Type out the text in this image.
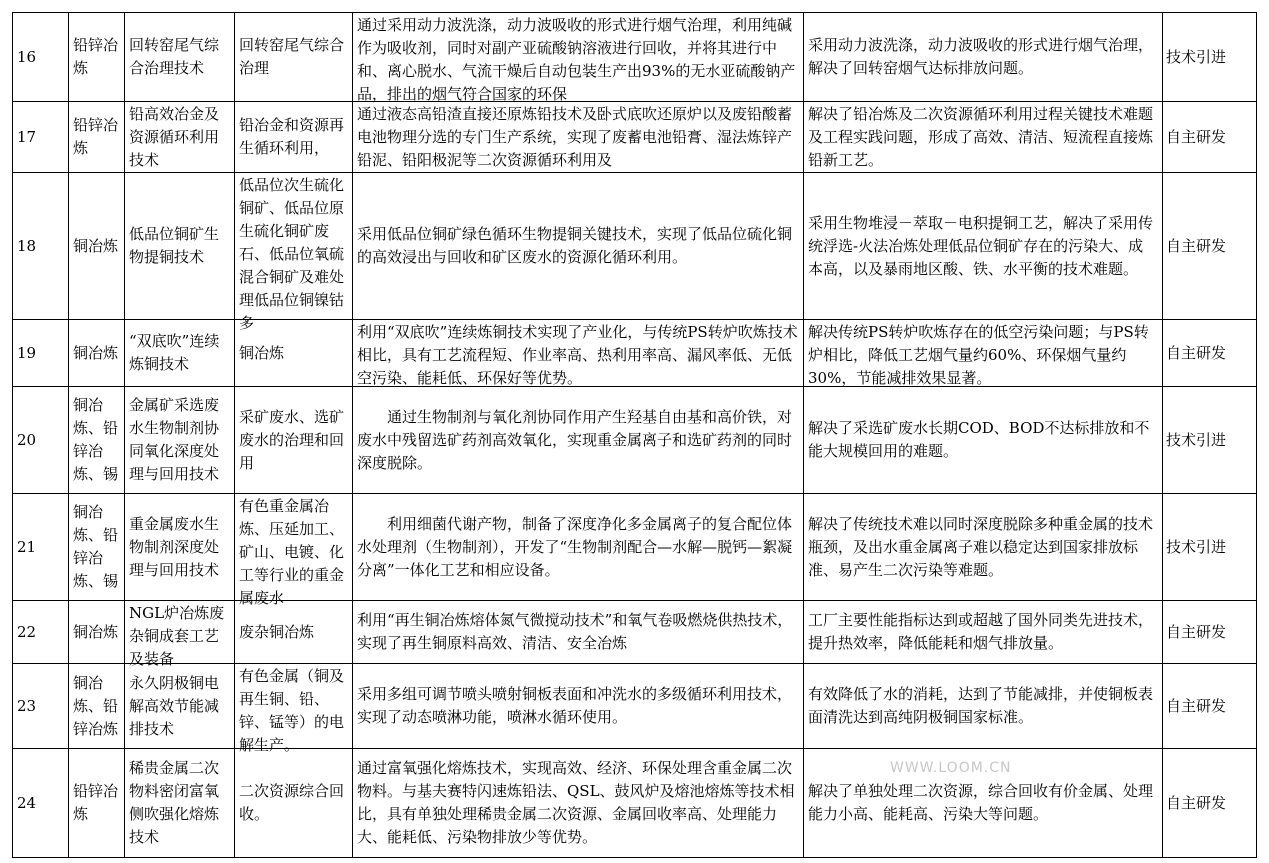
16	铅锌冶炼	回转窑尾气综合治理技术	回转窑尾气综合治理	通过采用动力波洗涤，动力波吸收的形式进行烟气治理，利用纯碱作为吸收剂，同时对副产亚硫酸钠溶液进行回收，并将其进行中和、离心脱水、气流干燥后自动包装生产出93%的无水亚硫酸钠产品，排出的烟气符合国家的环保	采用动力波洗涤，动力波吸收的形式进行烟气治理，解决了回转窑烟气达标排放问题。	技术引进

17	铅锌冶炼	铅高效冶金及资源循环利用技术	铅冶金和资源再生循环利用，	通过液态高铅渣直接还原炼铅技术及卧式底吹还原炉以及废铅酸蓄电池物理分选的专门生产系统，实现了废蓄电池铅膏、湿法炼锌产铅泥、铅阳极泥等二次资源循环利用及	解决了铅冶炼及二次资源循环利用过程关键技术难题及工程实践问题，形成了高效、清洁、短流程直接炼铅新工艺。	自主研发

18	铜冶炼	低品位铜矿生物提铜技术	低品位次生硫化铜矿、低品位原生硫化铜矿废石、低品位氧硫混合铜矿及难处理低品位铜镍钴多	采用低品位铜矿绿色循环生物提铜关键技术，实现了低品位硫化铜的高效浸出与回收和矿区废水的资源化循环利用。	采用生物堆浸－萃取－电积提铜工艺，解决了采用传统浮选-火法冶炼处理低品位铜矿存在的污染大、成本高，以及暴雨地区酸、铁、水平衡的技术难题。	自主研发

19	铜冶炼	“双底吹”连续炼铜技术	铜冶炼	利用“双底吹”连续炼铜技术实现了产业化，与传统PS转炉吹炼技术相比，具有工艺流程短、作业率高、热利用率高、漏风率低、无低空污染、能耗低、环保好等优势。	解决传统PS转炉吹炼存在的低空污染问题；与PS转炉相比，降低工艺烟气量约60%、环保烟气量约30%，节能减排效果显著。	自主研发

20	铜冶炼、铅锌冶炼、锡	金属矿采选废水生物制剂协同氧化深度处理与回用技术	采矿废水、选矿废水的治理和回用	通过生物制剂与氧化剂协同作用产生羟基自由基和高价铁，对废水中残留选矿药剂高效氧化，实现重金属离子和选矿药剂的同时深度脱除。	解决了采选矿废水长期COD、BOD不达标排放和不能大规模回用的难题。	技术引进

21	铜冶炼、铅锌冶炼、锡	重金属废水生物制剂深度处理与回用技术	有色重金属冶炼、压延加工、矿山、电镀、化工等行业的重金属废水	利用细菌代谢产物，制备了深度净化多金属离子的复合配位体水处理剂（生物制剂），开发了“生物制剂配合—水解—脱钙—絮凝分离”一体化工艺和相应设备。	解决了传统技术难以同时深度脱除多种重金属的技术瓶颈，及出水重金属离子难以稳定达到国家排放标准、易产生二次污染等难题。	技术引进

22	铜冶炼	NGL炉冶炼废杂铜成套工艺及装备	废杂铜冶炼	利用“再生铜冶炼熔体氮气微搅动技术”和氧气卷吸燃烧供热技术，实现了再生铜原料高效、清洁、安全冶炼	工厂主要性能指标达到或超越了国外同类先进技术，提升热效率，降低能耗和烟气排放量。	自主研发

23	铜冶炼、铅锌冶炼	永久阴极铜电解高效节能减排技术	有色金属（铜及再生铜、铅、锌、锰等）的电解生产。	采用多组可调节喷头喷射铜板表面和冲洗水的多级循环利用技术，实现了动态喷淋功能，喷淋水循环使用。	有效降低了水的消耗，达到了节能减排，并使铜板表面清洗达到高纯阴极铜国家标准。	自主研发

24	铅锌冶炼	稀贵金属二次物料密闭富氧侧吹强化熔炼技术	二次资源综合回收。	通过富氧强化熔炼技术，实现高效、经济、环保处理含重金属二次物料。与基夫赛特闪速炼铅法、QSL、鼓风炉及熔池熔炼等技术相比，具有单独处理稀贵金属二次资源、金属回收率高、处理能力大、能耗低、污染物排放少等优势。	解决了单独处理二次资源，综合回收有价金属、处理能力小高、能耗高、污染大等问题。	自主研发
WWW.LOOM.CN
